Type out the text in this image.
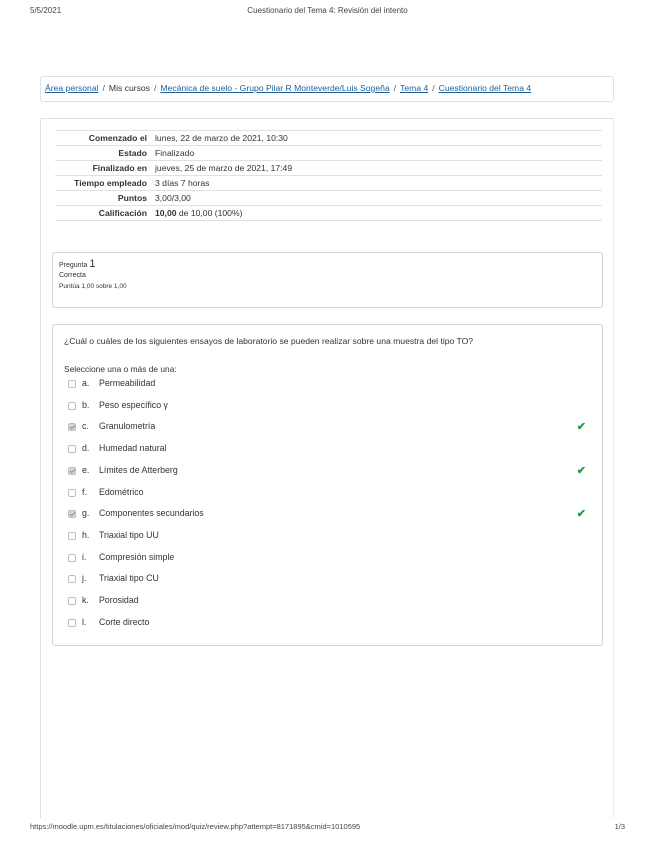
5/5/2021	Cuestionario del Tema 4: Revisión del intento
Área personal / Mis cursos / Mecánica de suelo - Grupo Pilar R Monteverde/Luis Sogeña / Tema 4 / Cuestionario del Tema 4
Comenzado el	lunes, 22 de marzo de 2021, 10:30
Estado	Finalizado
Finalizado en	jueves, 25 de marzo de 2021, 17:49
Tiempo empleado	3 días 7 horas
Puntos	3,00/3,00
Calificación	10,00 de 10,00 (100%)
Pregunta 1
Correcta
Puntúa 1,00 sobre 1,00
¿Cuál o cuáles de los siguientes ensayos de laboratorio se pueden realizar sobre una muestra del tipo TO?
Seleccione una o más de una:
a. Permeabilidad
b. Peso específico γ
c. Granulometría	✔
d. Humedad natural
e. Límites de Atterberg	✔
f. Edométrico
g. Componentes secundarios	✔
h. Triaxial tipo UU
i. Compresión simple
j. Triaxial tipo CU
k. Porosidad
l. Corte directo
https://moodle.upm.es/titulaciones/oficiales/mod/quiz/review.php?attempt=8171895&cmid=1010595	1/3
